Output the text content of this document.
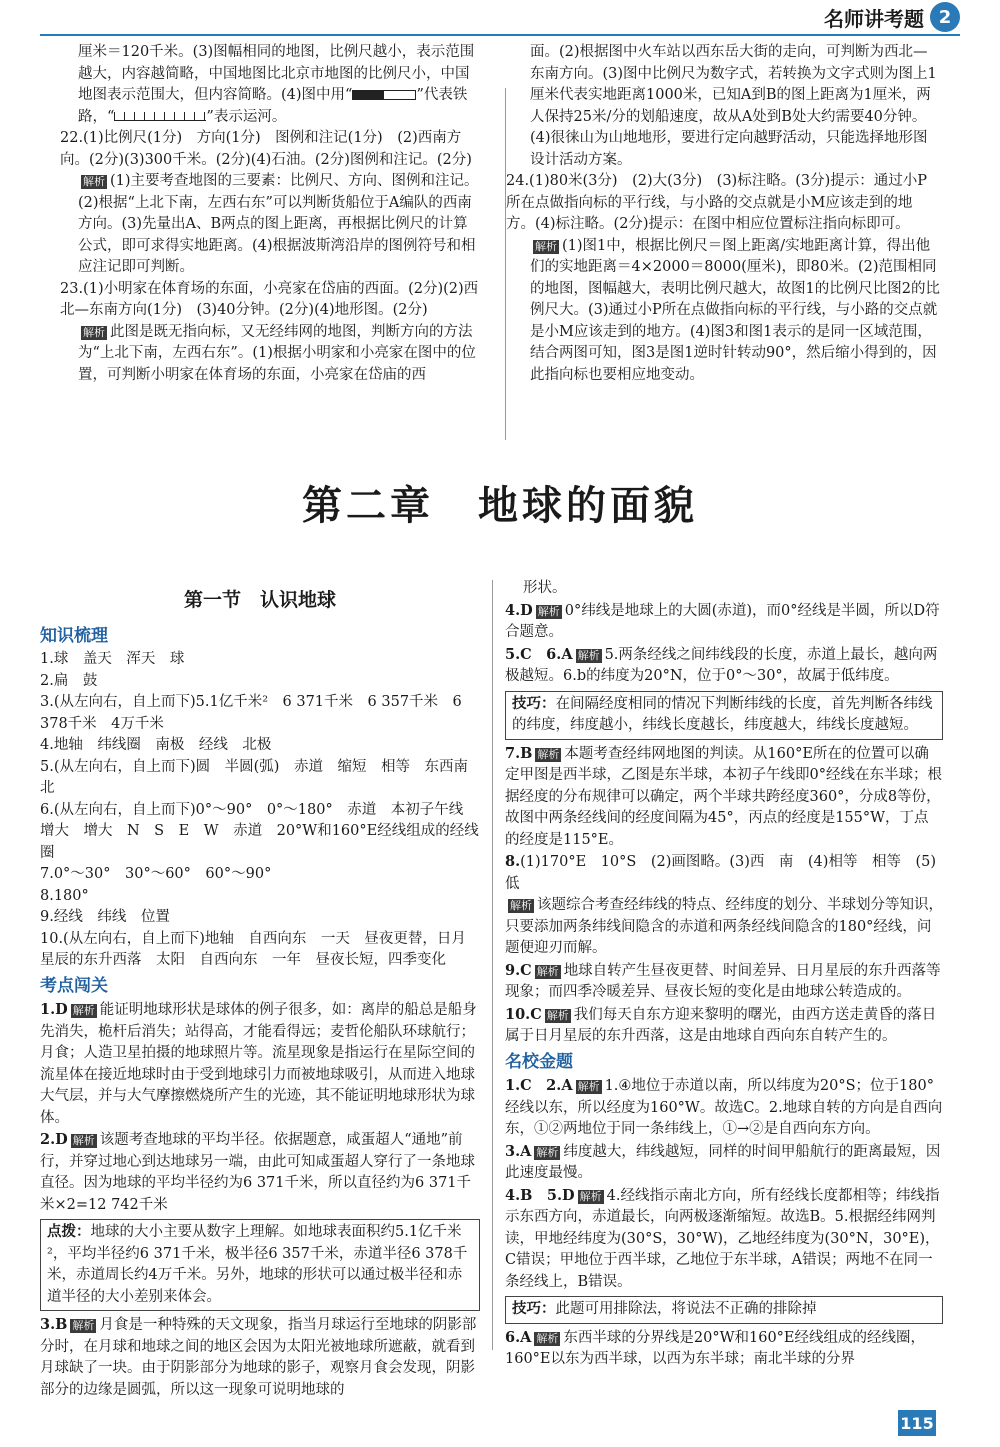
名师讲考题 2

厘米＝120千米。(3)图幅相同的地图，比例尺越小，表示范围越大，内容越简略，中国地图比北京市地图的比例尺小，中国地图表示范围大，但内容简略。(4)图中用“	”代表铁路，“	”表示运河。

22.(1)比例尺(1分)　方向(1分)　图例和注记(1分)　(2)西南方向。(2分)(3)300千米。(2分)(4)石油。(2分)图例和注记。(2分)

解析 (1)主要考查地图的三要素：比例尺、方向、图例和注记。(2)根据“上北下南，左西右东”可以判断货船位于A编队的西南方向。(3)先量出A、B两点的图上距离，再根据比例尺的计算公式，即可求得实地距离。(4)根据波斯湾沿岸的图例符号和相应注记即可判断。

23.(1)小明家在体育场的东面，小亮家在岱庙的西面。(2分)(2)西北—东南方向(1分)　(3)40分钟。(2分)(4)地形图。(2分)

解析 此图是既无指向标，又无经纬网的地图，判断方向的方法为“上北下南，左西右东”。(1)根据小明家和小亮家在图中的位置，可判断小明家在体育场的东面，小亮家在岱庙的西

面。(2)根据图中火车站以西东岳大街的走向，可判断为西北—东南方向。(3)图中比例尺为数字式，若转换为文字式则为图上1厘米代表实地距离1000米，已知A到B的图上距离为1厘米，两人保持25米/分的划船速度，故从A处到B处大约需要40分钟。(4)很徕山为山地地形，要进行定向越野活动，只能选择地形图设计活动方案。

24.(1)80米(3分)　(2)大(3分)　(3)标注略。(3分)提示：通过小P所在点做指向标的平行线，与小路的交点就是小M应该走到的地方。(4)标注略。(2分)提示：在图中相应位置标注指向标即可。

解析 (1)图1中，根据比例尺＝图上距离/实地距离计算，得出他们的实地距离＝4×2000＝8000(厘米)，即80米。(2)范围相同的地图，图幅越大，表明比例尺越大，故图1的比例尺比图2的比例尺大。(3)通过小P所在点做指向标的平行线，与小路的交点就是小M应该走到的地方。(4)图3和图1表示的是同一区域范围，结合两图可知，图3是图1逆时针转动90°，然后缩小得到的，因此指向标也要相应地变动。

第二章　地球的面貌
第一节　认识地球
知识梳理

1.球　盖天　浑天　球

2.扁　鼓

3.(从左向右，自上而下)5.1亿千米²　6 371千米　6 357千米　6 378千米　4万千米

4.地轴　纬线圈　南极　经线　北极

5.(从左向右，自上而下)圆　半圆(弧)　赤道　缩短　相等　东西南北

6.(从左向右，自上而下)0°～90°　0°～180°　赤道　本初子午线　增大　增大　N　S　E　W　赤道　20°W和160°E经线组成的经线圈

7.0°～30°　30°～60°　60°～90°

8.180°

9.经线　纬线　位置

10.(从左向右，自上而下)地轴　自西向东　一天　昼夜更替，日月星辰的东升西落　太阳　自西向东　一年　昼夜长短，四季变化

考点闯关

1.D 解析 能证明地球形状是球体的例子很多，如：离岸的船总是船身先消失，桅杆后消失；站得高，才能看得远；麦哲伦船队环球航行；月食；人造卫星拍摄的地球照片等。流星现象是指运行在星际空间的流星体在接近地球时由于受到地球引力而被地球吸引，从而进入地球大气层，并与大气摩擦燃烧所产生的光迹，其不能证明地球形状为球体。

2.D 解析 该题考查地球的平均半径。依据题意，咸蛋超人“通地”前行，并穿过地心到达地球另一端，由此可知咸蛋超人穿行了一条地球直径。因为地球的平均半径约为6 371千米，所以直径约为6 371千米×2=12 742千米

点拨：地球的大小主要从数字上理解。如地球表面积约5.1亿千米²，平均半径约6 371千米，极半径6 357千米，赤道半径6 378千米，赤道周长约4万千米。另外，地球的形状可以通过极半径和赤道半径的大小差别来体会。

3.B 解析 月食是一种特殊的天文现象，指当月球运行至地球的阴影部分时，在月球和地球之间的地区会因为太阳光被地球所遮蔽，就看到月球缺了一块。由于阴影部分为地球的影子，观察月食会发现，阴影部分的边缘是圆弧，所以这一现象可说明地球的

形状。

4.D 解析 0°纬线是地球上的大圆(赤道)，而0°经线是半圆，所以D符合题意。

5.C　6.A 解析 5.两条经线之间纬线段的长度，赤道上最长，越向两极越短。6.b的纬度为20°N，位于0°～30°，故属于低纬度。

技巧：在间隔经度相同的情况下判断纬线的长度，首先判断各纬线的纬度，纬度越小，纬线长度越长，纬度越大，纬线长度越短。

7.B 解析 本题考查经纬网地图的判读。从160°E所在的位置可以确定甲图是西半球，乙图是东半球，本初子午线即0°经线在东半球；根据经度的分布规律可以确定，两个半球共跨经度360°，分成8等份，故图中两条经线间的经度间隔为45°，丙点的经度是155°W，丁点的经度是115°E。

8.(1)170°E　10°S　(2)画图略。(3)西　南　(4)相等　相等　(5)低

解析 该题综合考查经纬线的特点、经纬度的划分、半球划分等知识，只要添加两条纬线间隐含的赤道和两条经线间隐含的180°经线，问题便迎刃而解。

9.C 解析 地球自转产生昼夜更替、时间差异、日月星辰的东升西落等现象；而四季冷暖差异、昼夜长短的变化是由地球公转造成的。

10.C 解析 我们每天自东方迎来黎明的曙光，由西方送走黄昏的落日属于日月星辰的东升西落，这是由地球自西向东自转产生的。

名校金题

1.C　2.A 解析 1.④地位于赤道以南，所以纬度为20°S；位于180°经线以东，所以经度为160°W。故选C。2.地球自转的方向是自西向东，①②两地位于同一条纬线上，①→②是自西向东方向。

3.A 解析 纬度越大，纬线越短，同样的时间甲船航行的距离最短，因此速度最慢。

4.B　5.D 解析 4.经线指示南北方向，所有经线长度都相等；纬线指示东西方向，赤道最长，向两极逐渐缩短。故选B。5.根据经纬网判读，甲地经纬度为(30°S，30°W)，乙地经纬度为(30°N，30°E)，C错误；甲地位于西半球，乙地位于东半球，A错误；两地不在同一条经线上，B错误。

技巧：此题可用排除法，将说法不正确的排除掉

6.A 解析 东西半球的分界线是20°W和160°E经线组成的经线圈，160°E以东为西半球，以西为东半球；南北半球的分界

115
